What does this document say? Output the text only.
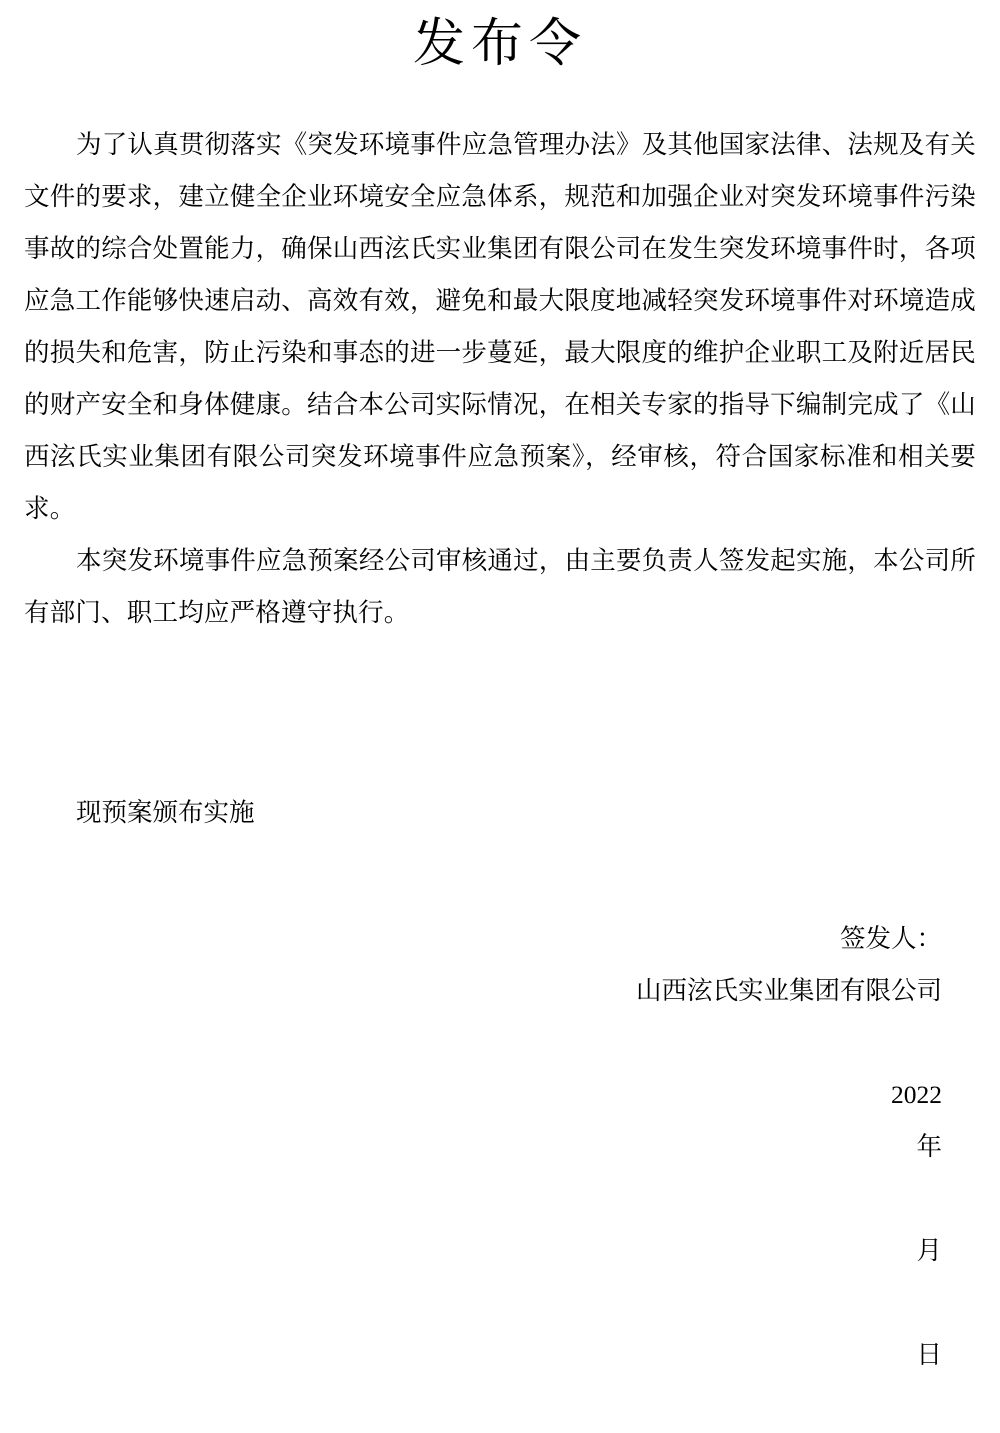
发布令

为了认真贯彻落实《突发环境事件应急管理办法》及其他国家法律、法规及有关文件的要求，建立健全企业环境安全应急体系，规范和加强企业对突发环境事件污染事故的综合处置能力，确保山西泫氏实业集团有限公司在发生突发环境事件时，各项应急工作能够快速启动、高效有效，避免和最大限度地减轻突发环境事件对环境造成的损失和危害，防止污染和事态的进一步蔓延，最大限度的维护企业职工及附近居民的财产安全和身体健康。结合本公司实际情况，在相关专家的指导下编制完成了《山西泫氏实业集团有限公司突发环境事件应急预案》，经审核，符合国家标准和相关要求。

本突发环境事件应急预案经公司审核通过，由主要负责人签发起实施，本公司所有部门、职工均应严格遵守执行。

现预案颁布实施

签发人：
山西泫氏实业集团有限公司

2022
年

月

日
